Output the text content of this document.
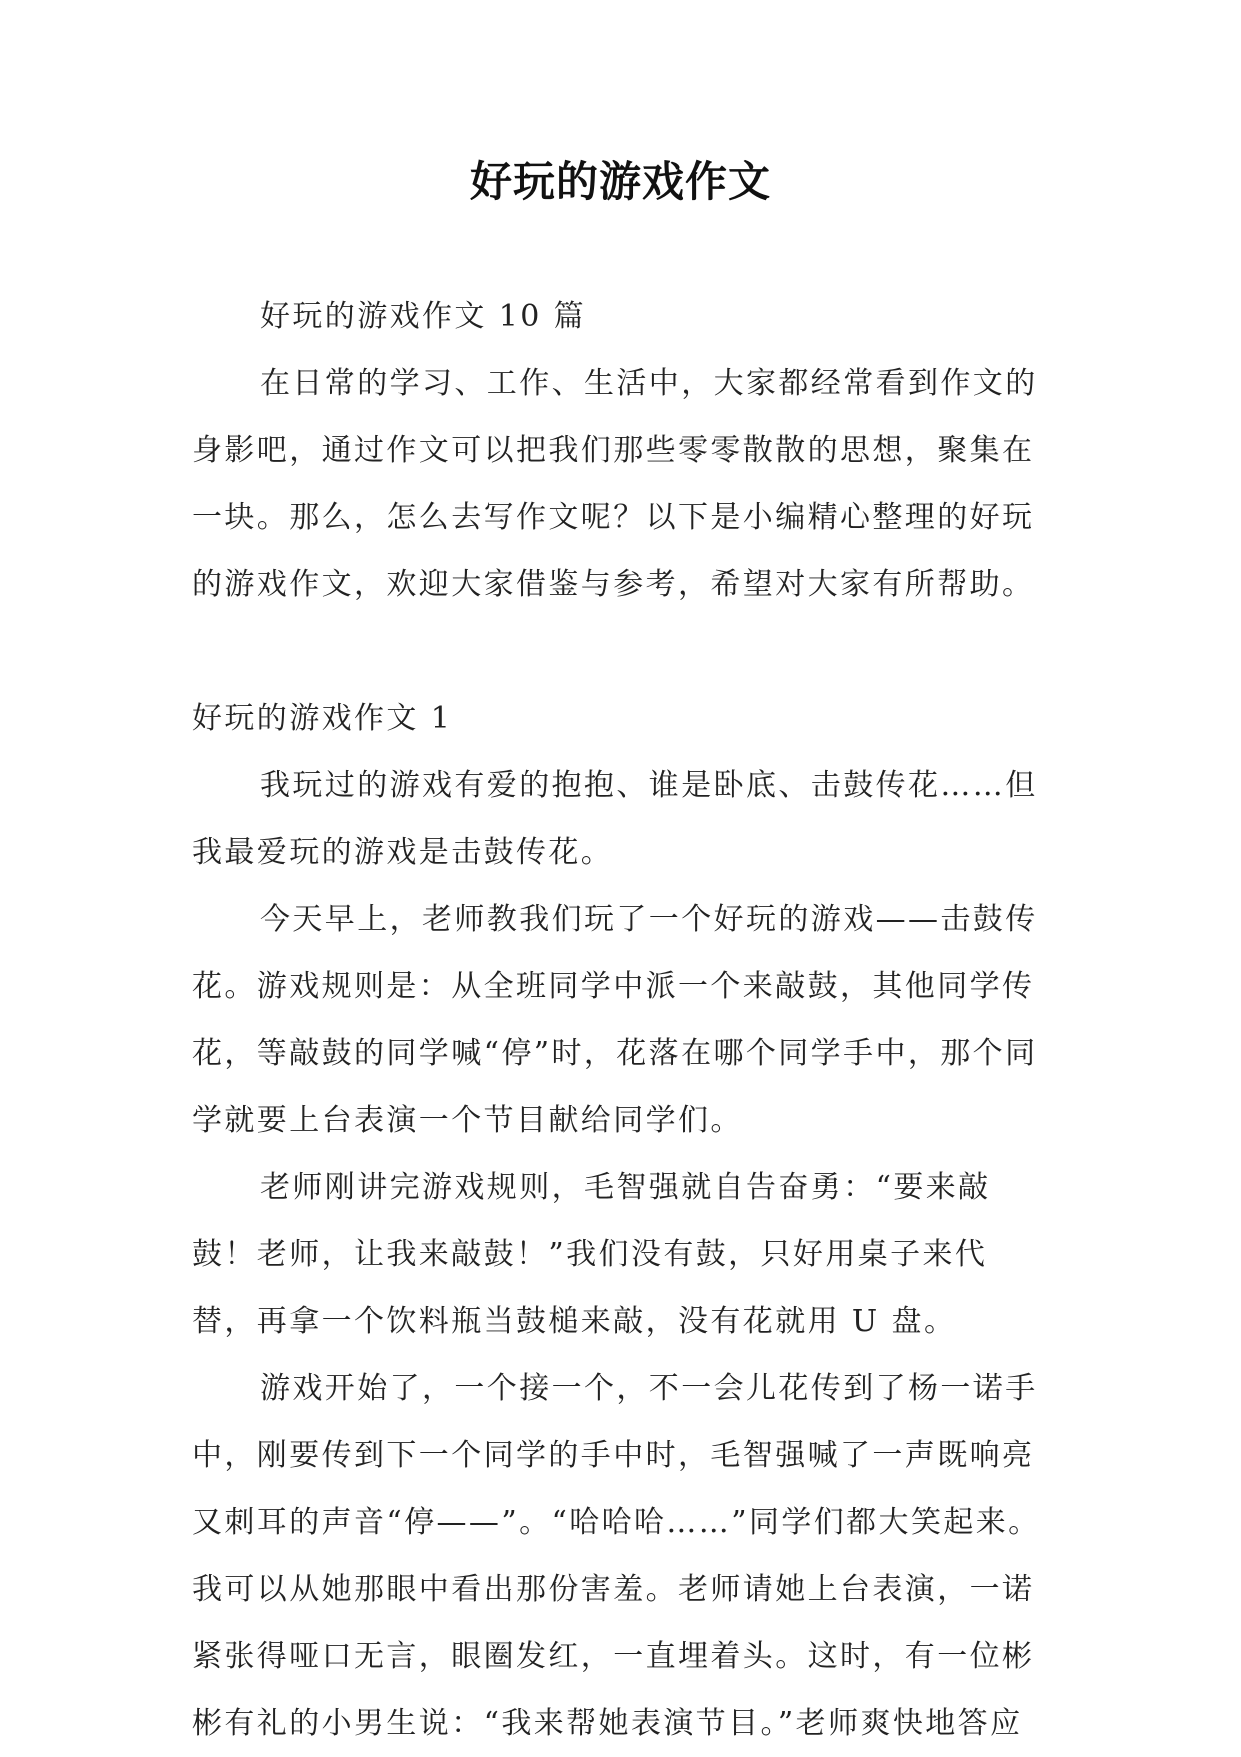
好玩的游戏作文

好玩的游戏作文 10 篇

在日常的学习、工作、生活中，大家都经常看到作文的身影吧，通过作文可以把我们那些零零散散的思想，聚集在一块。那么，怎么去写作文呢？以下是小编精心整理的好玩的游戏作文，欢迎大家借鉴与参考，希望对大家有所帮助。

好玩的游戏作文 1

我玩过的游戏有爱的抱抱、谁是卧底、击鼓传花……但我最爱玩的游戏是击鼓传花。

今天早上，老师教我们玩了一个好玩的游戏——击鼓传花。游戏规则是：从全班同学中派一个来敲鼓，其他同学传花，等敲鼓的同学喊“停”时，花落在哪个同学手中，那个同学就要上台表演一个节目献给同学们。

老师刚讲完游戏规则，毛智强就自告奋勇：“要来敲鼓！老师，让我来敲鼓！”我们没有鼓，只好用桌子来代替，再拿一个饮料瓶当鼓槌来敲，没有花就用 U 盘。

游戏开始了，一个接一个，不一会儿花传到了杨一诺手中，刚要传到下一个同学的手中时，毛智强喊了一声既响亮又刺耳的声音“停——”。“哈哈哈……”同学们都大笑起来。我可以从她那眼中看出那份害羞。老师请她上台表演，一诺紧张得哑口无言，眼圈发红，一直埋着头。这时，有一位彬彬有礼的小男生说：“我来帮她表演节目。”老师爽快地答应
